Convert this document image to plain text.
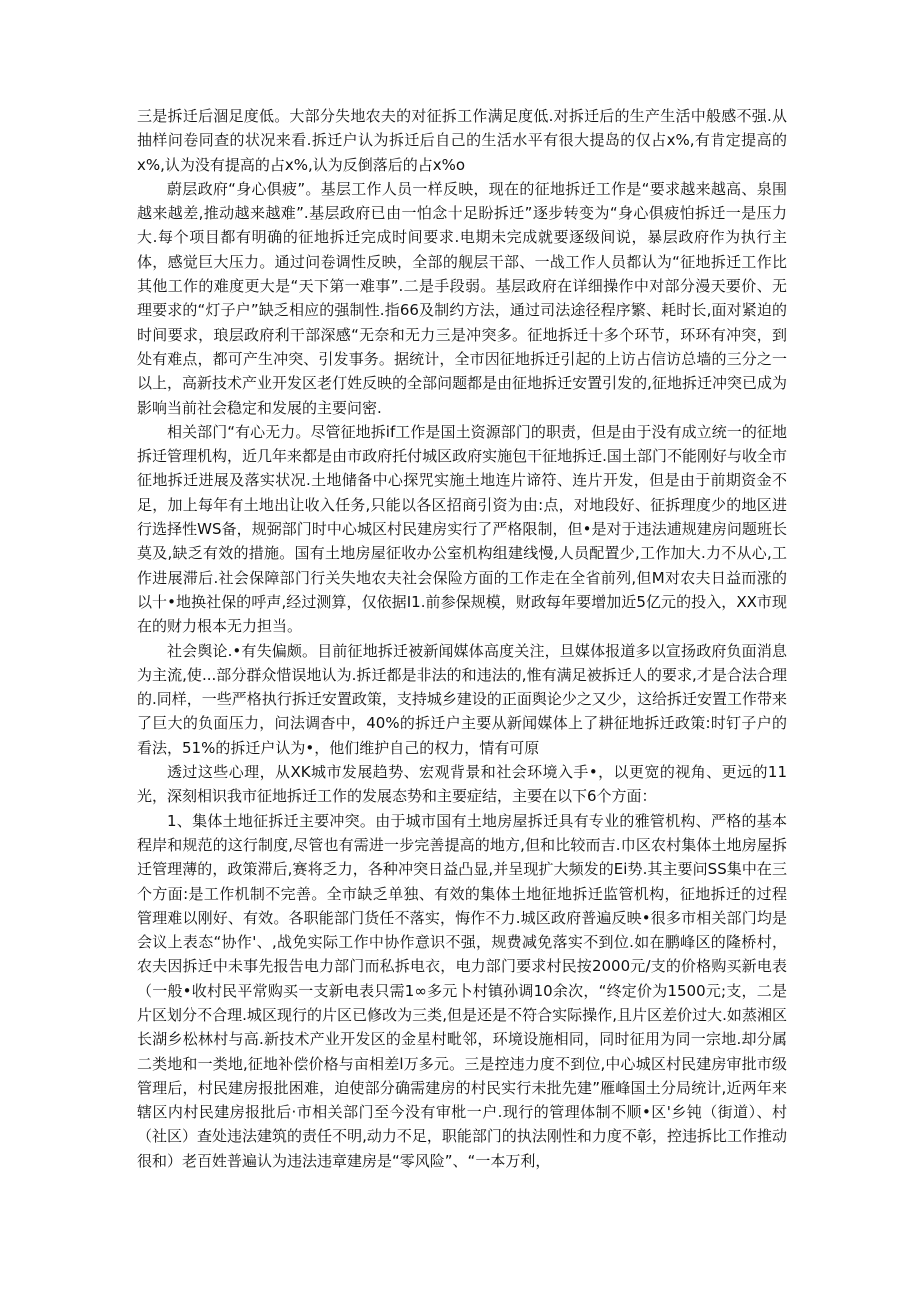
三是拆迁后涸足度低。大部分失地农夫的对征拆工作满足度低.对拆迁后的生产生活中般感不强.从抽样问卷同查的状况来看.拆迁户认为拆迁后自己的生活水平有很大提岛的仅占x%,有肯定提高的x%,认为没有提高的占x%,认为反倒落后的占x%o

蔚层政府“身心俱疲”。基层工作人员一样反映，现在的征地拆迁工作是“要求越来越高、泉围越来越差,推动越来越难”.基层政府已由一怕念十足盼拆迁”逐步转变为“身心俱疲怕拆迁一是压力大.每个项目都有明确的征地拆迁完成时间要求.电期未完成就要逐级间说，暴层政府作为执行主体，感觉巨大压力。通过问卷调性反映，全部的舰层干部、一战工作人员都认为“征地拆迁工作比其他工作的难度更大是“天下第一难事”.二是手段弱。基层政府在详细操作中对部分漫天要价、无理要求的“灯子户”缺乏相应的强制性.指66及制约方法，通过司法途径程序繁、耗时长,面对紧迫的时间要求，琅层政府利干部深感“无奈和无力三是冲突多。征地拆迁十多个环节，环环有冲突，到处有难点，都可产生冲突、引发事务。据统计，全市因征地拆迁引起的上访占信访总墙的三分之一以上，高新技术产业开发区老仃姓反映的全部问题都是由征地拆迁安置引发的,征地拆迁冲突已成为影响当前社会稳定和发展的主要问密.

相关部门“有心无力。尽管征地拆if工作是国土资源部门的职责，但是由于没有成立统一的征地拆迁管理机构，近几年来都是由市政府托付城区政府实施包干征地拆迁.国土部门不能刚好与收全市征地拆迁进展及落实状况.土地储备中心探咒实施土地连片谛符、连片开发，但是由于前期资金不足，加上每年有土地出让收入任务,只能以各区招商引资为由:点，对地段好、征拆理度少的地区进行选择性WS备，规弼部门时中心城区村民建房实行了严格限制，但•是对于违法逋规建房问题班长莫及,缺乏有效的措施。国有土地房屋征收办公室机构组建线慢,人员配置少,工作加大.力不从心,工作进展滞后.社会保障部门行关失地农夫社会保险方面的工作走在全省前列,但M对农夫日益而涨的以十•地换社保的呼声,经过测算，仅依据I1.前参保规模，财政每年要增加近5亿元的投入，XX市现在的财力根本无力担当。

社会舆论.•有失偏颇。目前征地拆迁被新闻媒体高度关注，旦媒体报道多以宣扬政府负面消息为主流,使...部分群众惜误地认为.拆迁都是非法的和违法的,惟有满足被拆迁人的要求,才是合法合理的.同样，一些严格执行拆迁安置政策，支持城乡建设的正面舆论少之又少，这给拆迁安置工作带来了巨大的负面压力，问法调杳中，40%的拆迁户主要从新闻媒体上了耕征地拆迁政策:时钉子户的看法，51%的拆迁户认为•，他们维护自己的权力，情有可原

透过这些心理，从XK城市发展趋势、宏观背景和社会环境入手•，以更宽的视角、更远的11光，深刻相识我市征地拆迁工作的发展态势和主要症结，主要在以下6个方面：

1、集体土地征拆迁主要冲突。由于城市国有土地房屋拆迁具有专业的雅管机构、严格的基本程岸和规范的这行制度,尽管也有需进一步完善提高的地方,但和比较而吉.巾区农村集体土地房屋拆迁管理薄的，政策滞后,赛将乏力，各种冲突日益凸显,并呈现扩大频发的Ei势.其主要问SS集中在三个方面:是工作机制不完善。全市缺乏单独、有效的集体土地征地拆迁监管机构，征地拆迁的过程管理难以刚好、有效。各职能部门货任不落实，悔作不力.城区政府普遍反映•很多市相关部门均是会议上表态“协作'、,战免实际工作中协作意识不强，规费减免落实不到位.如在鹏峰区的隆桥村，农夫因拆迁中未事先报告电力部门而私拆电衣，电力部门要求村民按2000元/支的价格购买新电表（一般•收村民平常购买一支新电表只需1∞多元卜村镇孙调10余次，“终定价为1500元;支，二是片区划分不合理.城区现行的片区已修改为三类,但是还是不符合实际操作,且片区差价过大.如蒸湘区长湖乡松林村与高.新技术产业开发区的金星村毗邻，环境设施相同，同时征用为同一宗地.却分属二类地和一类地,征地补偿价格与亩相差l万多元。三是控违力度不到位,中心城区村民建房审批市级管理后，村民建房报批困难，迫使部分确需建房的村民实行未批先建”雁峰国土分局统计,近两年来辖区内村民建房报批后·市相关部门至今没有审枇一户.现行的管理体制不顺•区'乡钝（街道）、村（社区）查处违法建筑的责任不明,动力不足，职能部门的执法刚性和力度不彰，控违拆比工作推动很和）老百姓普遍认为违法违章建房是“零风险”、“一本万利，
